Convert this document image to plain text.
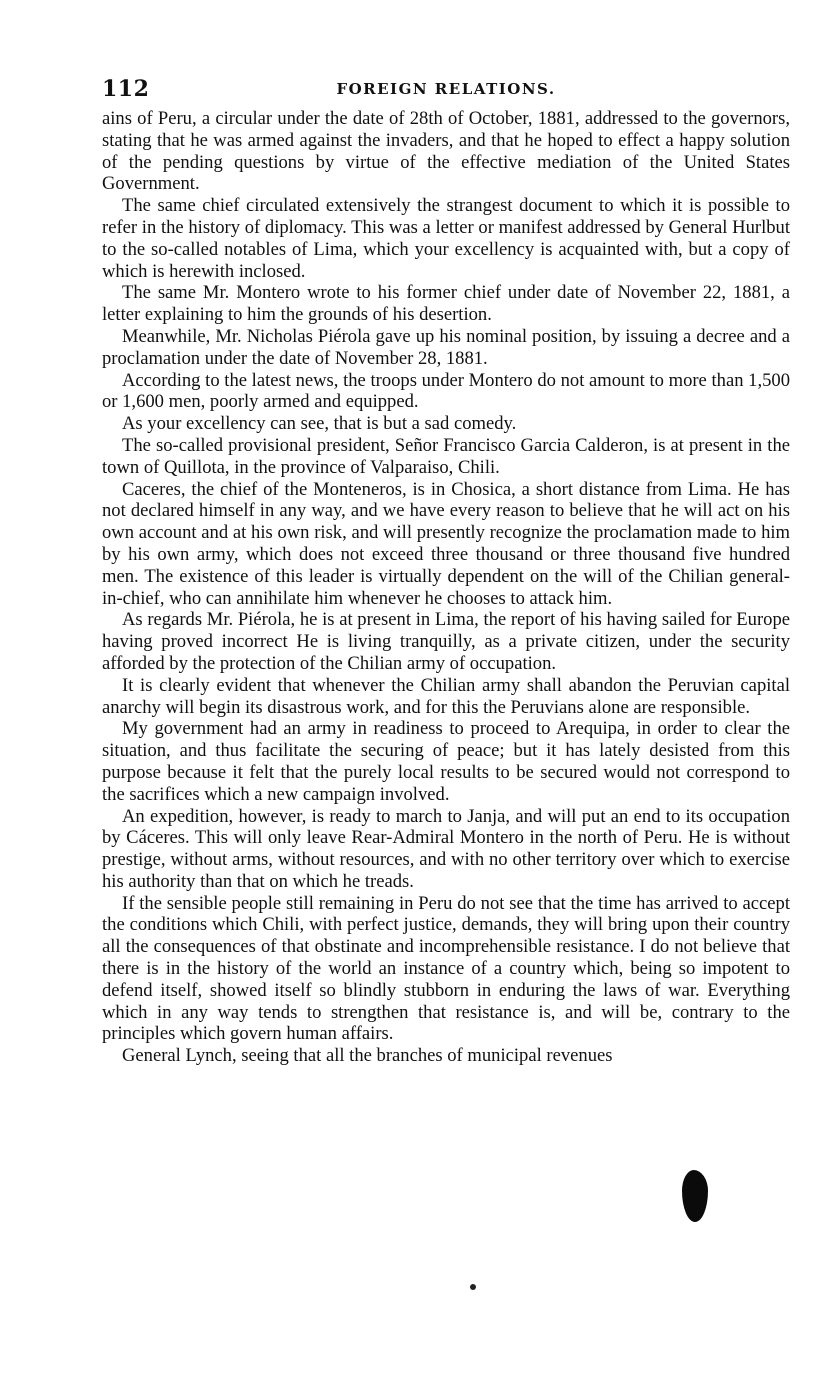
112	FOREIGN RELATIONS.

ains of Peru, a circular under the date of 28th of October, 1881, addressed to the governors, stating that he was armed against the invaders, and that he hoped to effect a happy solution of the pending questions by virtue of the effective mediation of the United States Government.

The same chief circulated extensively the strangest document to which it is possible to refer in the history of diplomacy. This was a letter or manifest addressed by General Hurlbut to the so-called notables of Lima, which your excellency is acquainted with, but a copy of which is herewith inclosed.

The same Mr. Montero wrote to his former chief under date of November 22, 1881, a letter explaining to him the grounds of his desertion.

Meanwhile, Mr. Nicholas Piérola gave up his nominal position, by issuing a decree and a proclamation under the date of November 28, 1881.

According to the latest news, the troops under Montero do not amount to more than 1,500 or 1,600 men, poorly armed and equipped.

As your excellency can see, that is but a sad comedy.

The so-called provisional president, Señor Francisco Garcia Calderon, is at present in the town of Quillota, in the province of Valparaiso, Chili.

Caceres, the chief of the Monteneros, is in Chosica, a short distance from Lima. He has not declared himself in any way, and we have every reason to believe that he will act on his own account and at his own risk, and will presently recognize the proclamation made to him by his own army, which does not exceed three thousand or three thousand five hundred men. The existence of this leader is virtually dependent on the will of the Chilian general-in-chief, who can annihilate him whenever he chooses to attack him.

As regards Mr. Piérola, he is at present in Lima, the report of his having sailed for Europe having proved incorrect He is living tranquilly, as a private citizen, under the security afforded by the protection of the Chilian army of occupation.

It is clearly evident that whenever the Chilian army shall abandon the Peruvian capital anarchy will begin its disastrous work, and for this the Peruvians alone are responsible.

My government had an army in readiness to proceed to Arequipa, in order to clear the situation, and thus facilitate the securing of peace; but it has lately desisted from this purpose because it felt that the purely local results to be secured would not correspond to the sacrifices which a new campaign involved.

An expedition, however, is ready to march to Janja, and will put an end to its occupation by Cáceres. This will only leave Rear-Admiral Montero in the north of Peru. He is without prestige, without arms, without resources, and with no other territory over which to exercise his authority than that on which he treads.

If the sensible people still remaining in Peru do not see that the time has arrived to accept the conditions which Chili, with perfect justice, demands, they will bring upon their country all the consequences of that obstinate and incomprehensible resistance. I do not believe that there is in the history of the world an instance of a country which, being so impotent to defend itself, showed itself so blindly stubborn in enduring the laws of war. Everything which in any way tends to strengthen that resistance is, and will be, contrary to the principles which govern human affairs.

General Lynch, seeing that all the branches of municipal revenues
